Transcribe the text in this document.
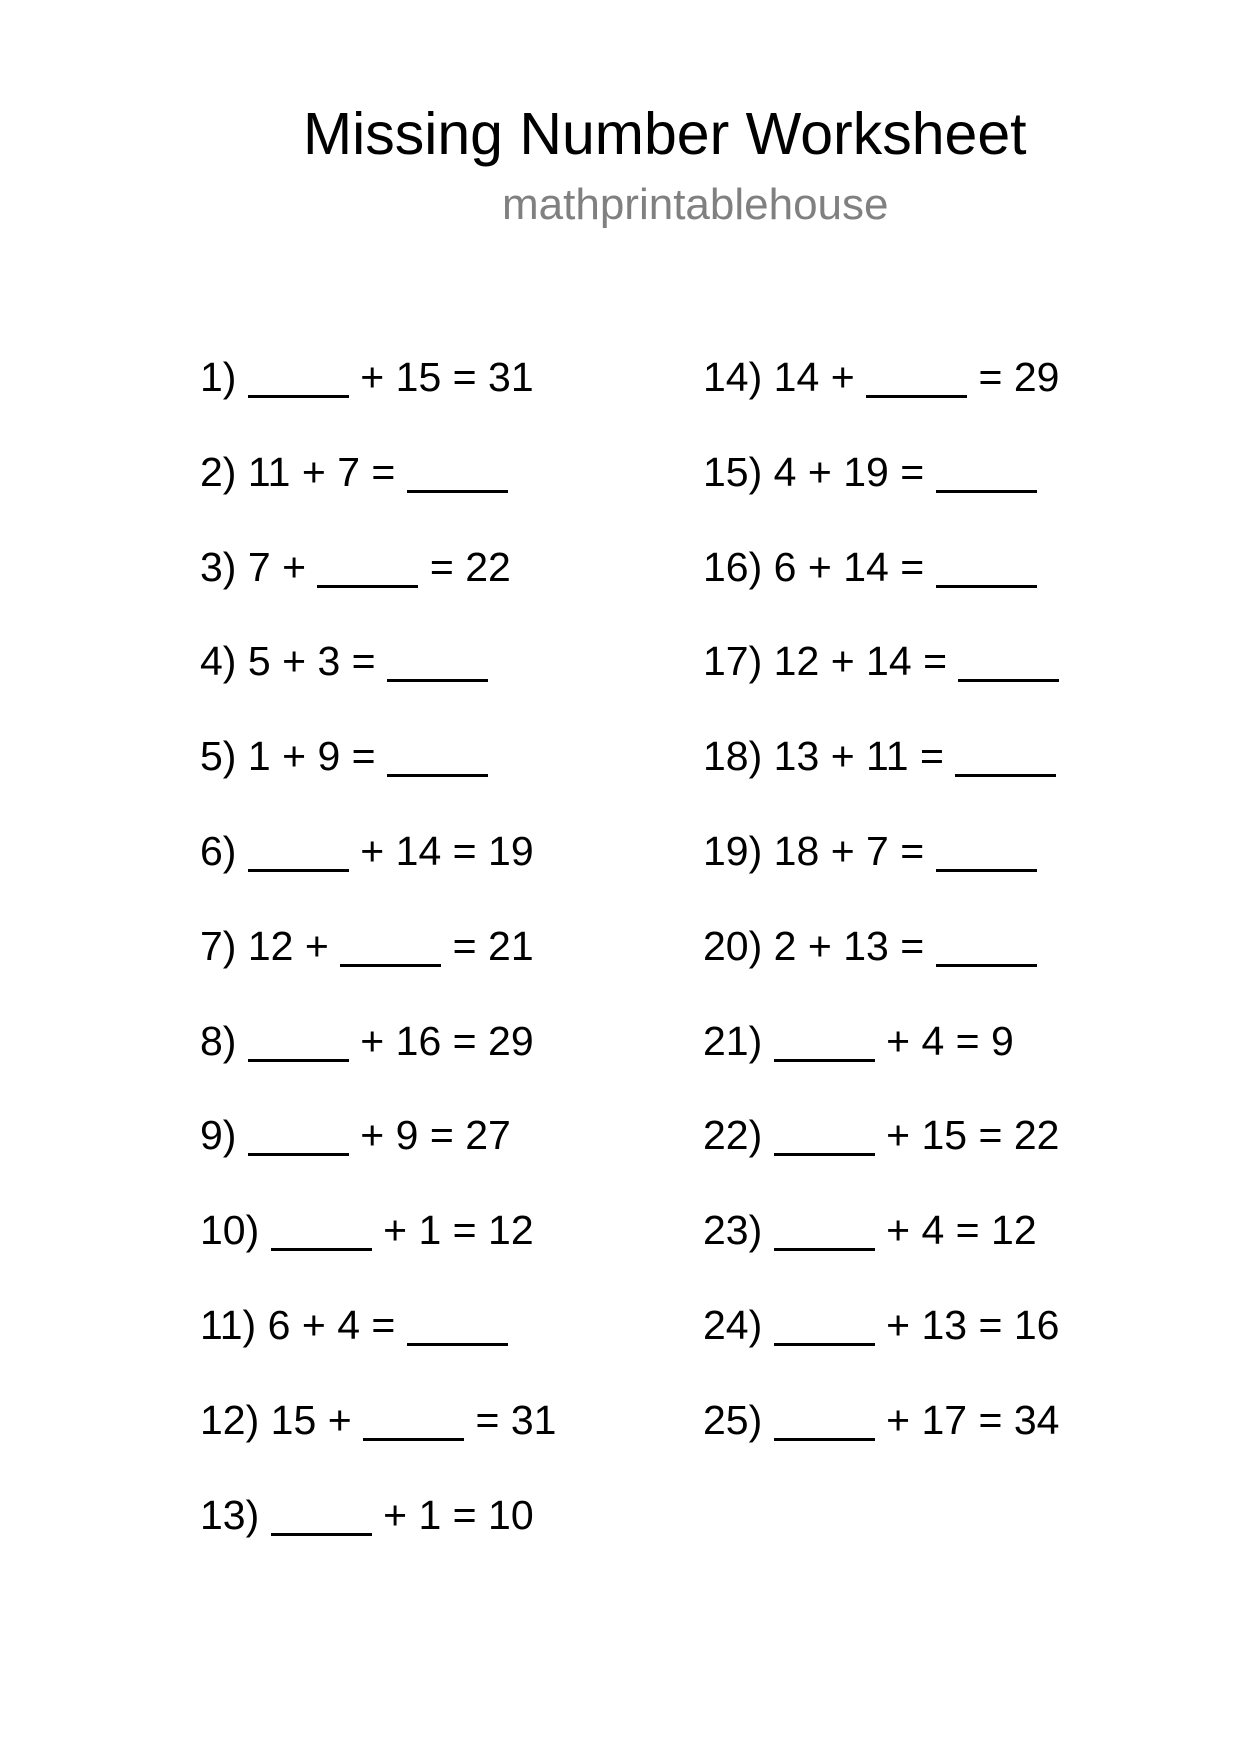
Missing Number Worksheet
mathprintablehouse
1)	+ 15 = 31
2) 11 + 7 =
3) 7 +	= 22
4) 5 + 3 =
5) 1 + 9 =
6)	+ 14 = 19
7) 12 +	= 21
8)	+ 16 = 29
9)	+ 9 = 27
10)	+ 1 = 12
11) 6 + 4 =
12) 15 +	= 31
13)	+ 1 = 10
14) 14 +	= 29
15) 4 + 19 =
16) 6 + 14 =
17) 12 + 14 =
18) 13 + 11 =
19) 18 + 7 =
20) 2 + 13 =
21)	+ 4 = 9
22)	+ 15 = 22
23)	+ 4 = 12
24)	+ 13 = 16
25)	+ 17 = 34
